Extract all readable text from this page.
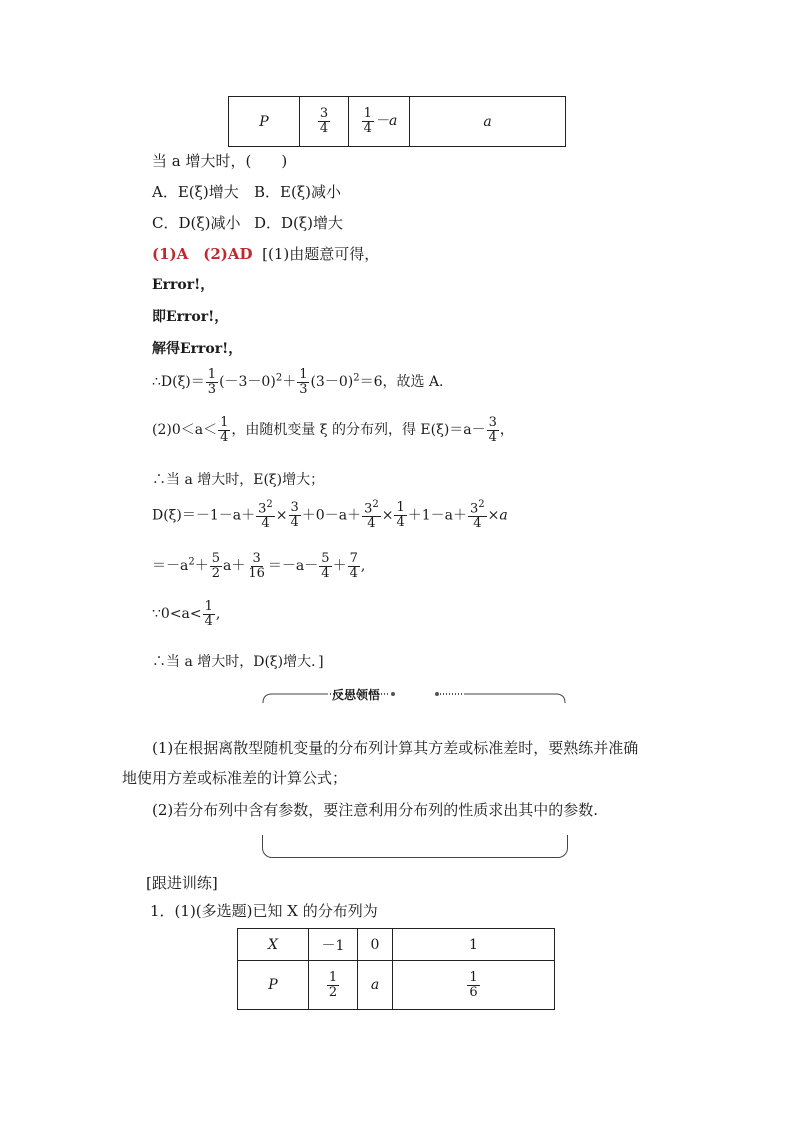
P	$\frac{3}{4}$	$\frac{1}{4} -a$	a
当 a 增大时，(　　)
A．E(ξ)增大 B．E(ξ)减小
C．D(ξ)减小 D．D(ξ)增大
(1)A　(2)AD [(1)由题意可得，
Error!，
即Error!，
解得Error!，
∴D(ξ)＝ $\frac{1}{3} (-3-0)^2+ \frac{1}{3} (3-0)^2=6$，故选 A.
$(2)0<a< \frac{1}{4}$ ，由随机变量 ξ 的分布列，得 $E(\xi)=a- \frac{3}{4}$ ，
∴当 a 增大时，E(ξ)增大；
$D(\xi)=-1-a+ \frac{3^2}{4} \times \frac{3}{4} +0-a+ \frac{3^2}{4} \times \frac{1}{4} +1-a+ \frac{3^2}{4} \times a$
$=-a^2+ \frac{5}{2} a+ \frac{3}{16} =-a- \frac{5}{4} + \frac{7}{4}$ ,
∵0<a< $\frac{1}{4}$ ,
∴当 a 增大时，D(ξ)增大．]
反思领悟
(1)在根据离散型随机变量的分布列计算其方差或标准差时，要熟练并准确
地使用方差或标准差的计算公式；
(2)若分布列中含有参数，要注意利用分布列的性质求出其中的参数.
[跟进训练]
1．(1)(多选题)已知 X 的分布列为
X	－1	0	1
P	$\frac{1}{2}$	a	$\frac{1}{6}$
